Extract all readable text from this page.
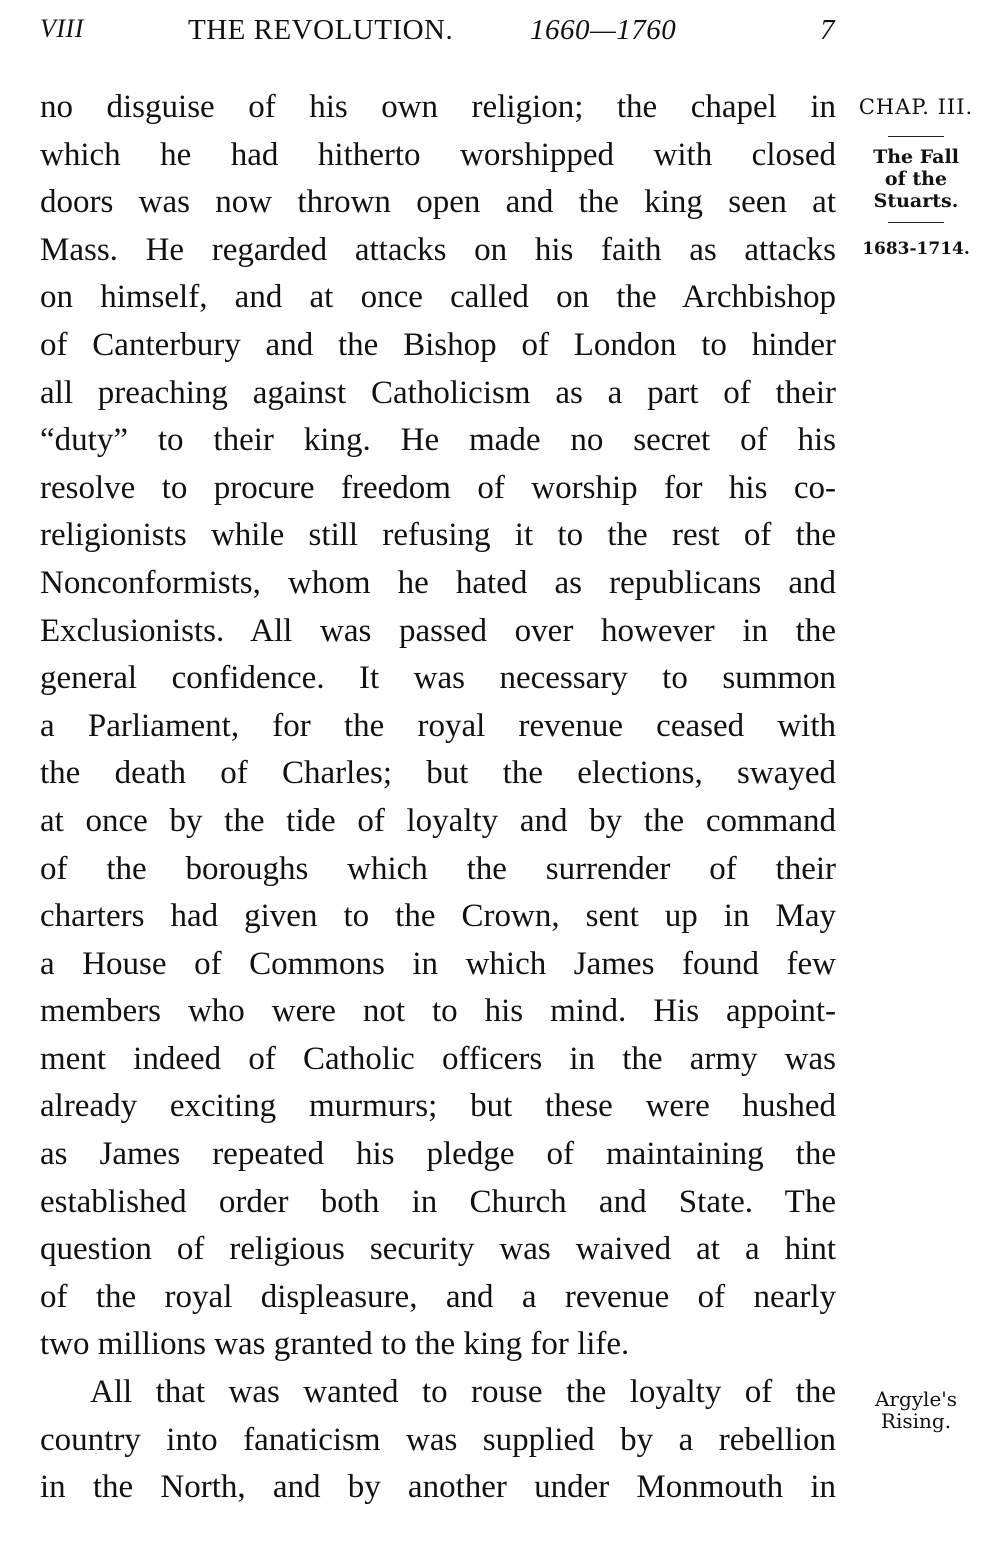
VIII	THE REVOLUTION.	1660—1760	7
no disguise of his own religion; the chapel in
which he had hitherto worshipped with closed
doors was now thrown open and the king seen at
Mass. He regarded attacks on his faith as attacks
on himself, and at once called on the Archbishop
of Canterbury and the Bishop of London to hinder
all preaching against Catholicism as a part of their
“duty” to their king. He made no secret of his
resolve to procure freedom of worship for his co-
religionists while still refusing it to the rest of the
Nonconformists, whom he hated as republicans and
Exclusionists. All was passed over however in the
general confidence. It was necessary to summon
a Parliament, for the royal revenue ceased with
the death of Charles; but the elections, swayed
at once by the tide of loyalty and by the command
of the boroughs which the surrender of their
charters had given to the Crown, sent up in May
a House of Commons in which James found few
members who were not to his mind. His appoint-
ment indeed of Catholic officers in the army was
already exciting murmurs; but these were hushed
as James repeated his pledge of maintaining the
established order both in Church and State. The
question of religious security was waived at a hint
of the royal displeasure, and a revenue of nearly
two millions was granted to the king for life.
All that was wanted to rouse the loyalty of the
country into fanaticism was supplied by a rebellion
in the North, and by another under Monmouth in
CHAP. III.
The Fall
of the
Stuarts.
1683-1714.
Argyle's
Rising.
